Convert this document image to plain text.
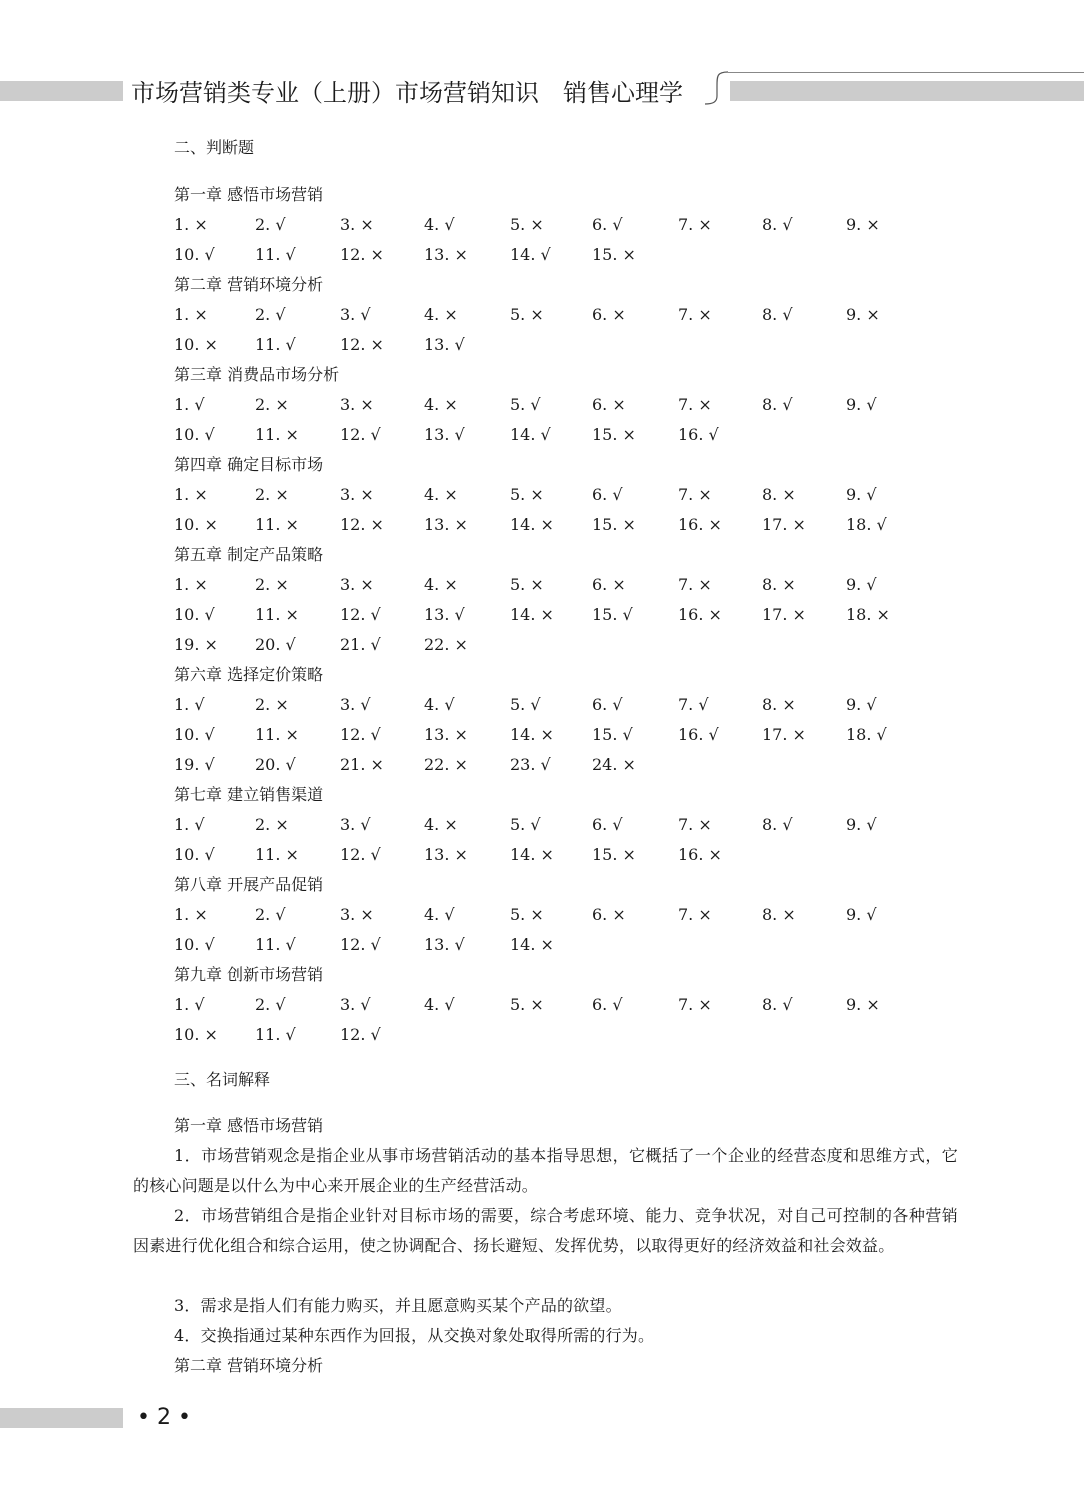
市场营销类专业（上册）市场营销知识　销售心理学
二、判断题
第一章 感悟市场营销
1. ×	2. √	3. ×	4. √	5. ×	6. √	7. ×	8. √	9. ×
10. √	11. √	12. ×	13. ×	14. √	15. ×
第二章 营销环境分析
1. ×	2. √	3. √	4. ×	5. ×	6. ×	7. ×	8. √	9. ×
10. × 11. √	12. ×	13. √
第三章 消费品市场分析
1. √	2. ×	3. ×	4. ×	5. √	6. ×	7. ×	8. √	9. √
10. √	11. ×	12. √	13. √	14. √	15. ×	16. √
第四章 确定目标市场
1. ×	2. ×	3. ×	4. ×	5. ×	6. √	7. ×	8. ×	9. √
10. × 11. ×	12. ×	13. ×	14. × 15. ×	16. ×	17. ×	18. √
第五章 制定产品策略
1. ×	2. ×	3. ×	4. ×	5. ×	6. ×	7. ×	8. ×	9. √
10. √	11. ×	12. √	13. √	14. × 15. √	16. ×	17. ×	18. ×
19. × 20. √	21. √	22. ×
第六章 选择定价策略
1. √	2. ×	3. √	4. √	5. √	6. √	7. √	8. ×	9. √
10. √	11. ×	12. √	13. ×	14. × 15. √	16. √	17. ×	18. √
19. √	20. √	21. ×	22. ×	23. √	24. ×
第七章 建立销售渠道
1. √	2. ×	3. √	4. ×	5. √	6. √	7. ×	8. √	9. √
10. √	11. ×	12. √	13. ×	14. × 15. ×	16. ×
第八章 开展产品促销
1. ×	2. √	3. ×	4. √	5. ×	6. ×	7. ×	8. ×	9. √
10. √	11. √	12. √	13. √	14. ×
第九章 创新市场营销
1. √	2. √	3. √	4. √	5. ×	6. √	7. ×	8. √	9. ×
10. × 11. √	12. √
三、名词解释
第一章 感悟市场营销
1．市场营销观念是指企业从事市场营销活动的基本指导思想，它概括了一个企业的经营态度和思维方式，它的核心问题是以什么为中心来开展企业的生产经营活动。
2．市场营销组合是指企业针对目标市场的需要，综合考虑环境、能力、竞争状况，对自己可控制的各种营销因素进行优化组合和综合运用，使之协调配合、扬长避短、发挥优势，以取得更好的经济效益和社会效益。
3．需求是指人们有能力购买，并且愿意购买某个产品的欲望。
4．交换指通过某种东西作为回报，从交换对象处取得所需的行为。
第二章 营销环境分析
• 2 •
